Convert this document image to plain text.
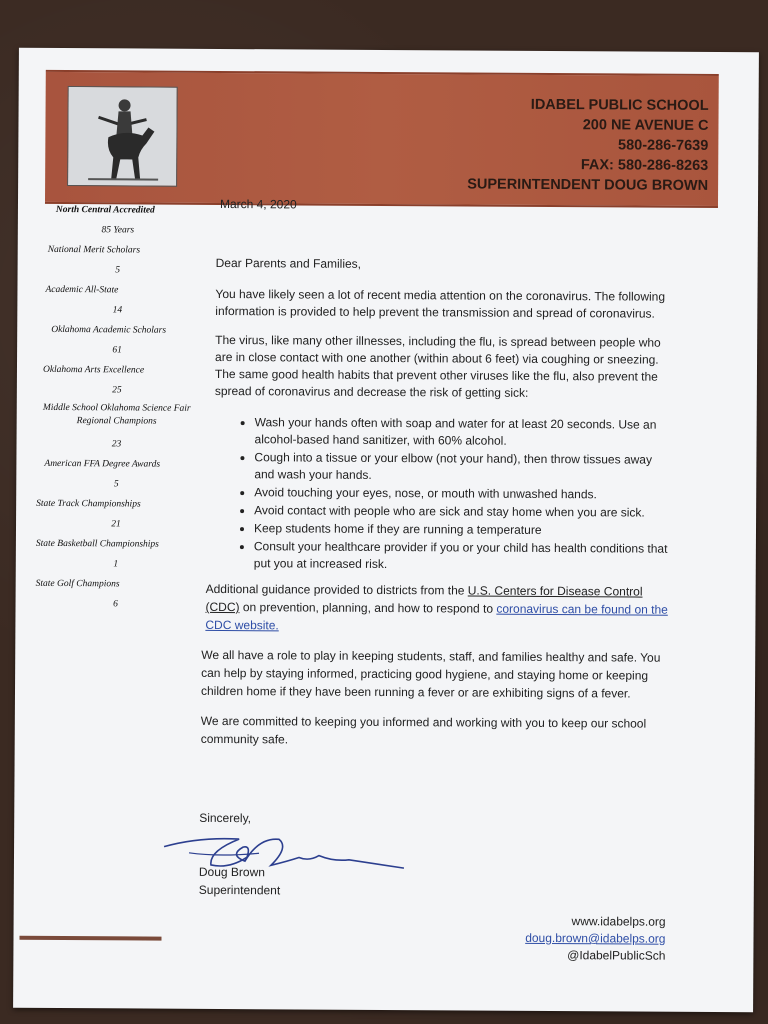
IDABEL PUBLIC SCHOOL
200 NE AVENUE C
580-286-7639
FAX: 580-286-8263
SUPERINTENDENT DOUG BROWN
North Central Accredited
85 Years
National Merit Scholars
5
Academic All-State
14
Oklahoma Academic Scholars
61
Oklahoma Arts Excellence
25
Middle School Oklahoma Science Fair Regional Champions
23
American FFA Degree Awards
5
State Track Championships
21
State Basketball Championships
1
State Golf Champions
6
March 4, 2020

Dear Parents and Families,

You have likely seen a lot of recent media attention on the coronavirus. The following information is provided to help prevent the transmission and spread of coronavirus.

The virus, like many other illnesses, including the flu, is spread between people who are in close contact with one another (within about 6 feet) via coughing or sneezing. The same good health habits that prevent other viruses like the flu, also prevent the spread of coronavirus and decrease the risk of getting sick:

• Wash your hands often with soap and water for at least 20 seconds. Use an alcohol-based hand sanitizer, with 60% alcohol.
• Cough into a tissue or your elbow (not your hand), then throw tissues away and wash your hands.
• Avoid touching your eyes, nose, or mouth with unwashed hands.
• Avoid contact with people who are sick and stay home when you are sick.
• Keep students home if they are running a temperature
• Consult your healthcare provider if you or your child has health conditions that put you at increased risk.

Additional guidance provided to districts from the U.S. Centers for Disease Control (CDC) on prevention, planning, and how to respond to coronavirus can be found on the CDC website.

We all have a role to play in keeping students, staff, and families healthy and safe. You can help by staying informed, practicing good hygiene, and staying home or keeping children home if they have been running a fever or are exhibiting signs of a fever.

We are committed to keeping you informed and working with you to keep our school community safe.

Sincerely,
Doug Brown
Superintendent
www.idabelps.org
doug.brown@idabelps.org
@IdabelPublicSch
